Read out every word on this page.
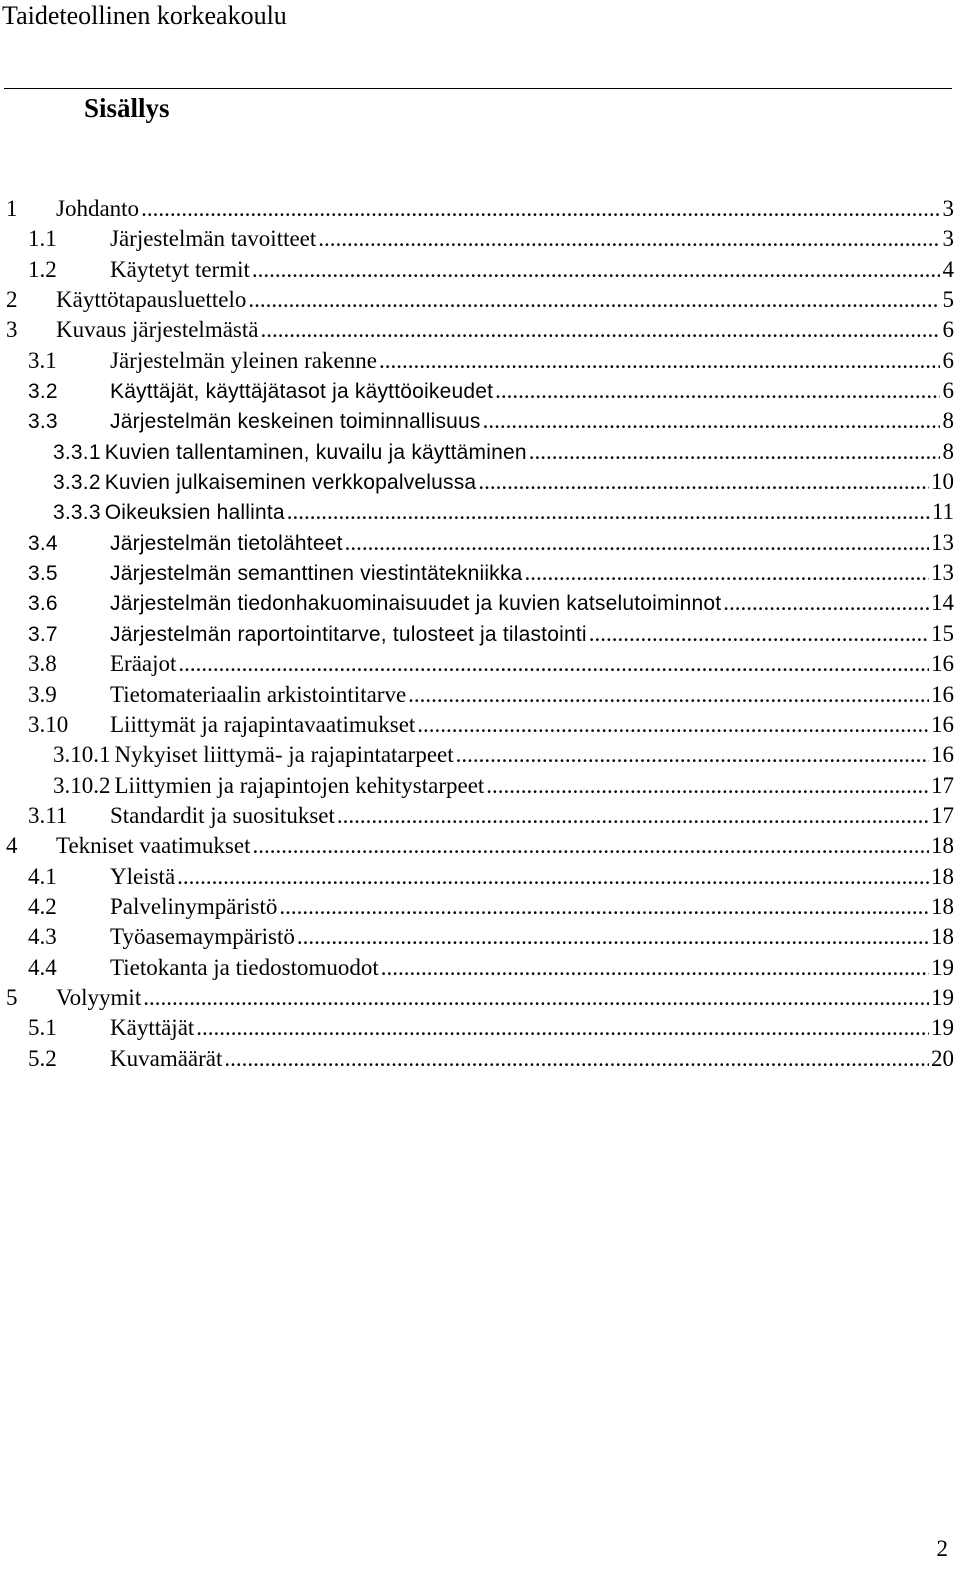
Taideteollinen korkeakoulu
Sisällys
1	Johdanto .....	3
1.1	Järjestelmän tavoitteet .....	3
1.2	Käytetyt termit .....	4
2	Käyttötapausluettelo .....	5
3	Kuvaus järjestelmästä .....	6
3.1	Järjestelmän yleinen rakenne .....	6
3.2	Käyttäjät, käyttäjätasot ja käyttöoikeudet .....	6
3.3	Järjestelmän keskeinen toiminnallisuus .....	8
3.3.1 Kuvien tallentaminen, kuvailu ja käyttäminen .....	8
3.3.2 Kuvien julkaiseminen verkkopalvelussa .....	10
3.3.3 Oikeuksien hallinta .....	11
3.4	Järjestelmän tietolähteet .....	13
3.5	Järjestelmän semanttinen viestintätekniikka .....	13
3.6	Järjestelmän tiedonhakuominaisuudet ja kuvien katselutoiminnot .....	14
3.7	Järjestelmän raportointitarve, tulosteet ja tilastointi .....	15
3.8	Eräajot .....	16
3.9	Tietomateriaalin arkistointitarve .....	16
3.10	Liittymät ja rajapintavaatimukset .....	16
3.10.1 Nykyiset liittymä- ja rajapintatarpeet .....	16
3.10.2 Liittymien ja rajapintojen kehitystarpeet .....	17
3.11	Standardit ja suositukset .....	17
4	Tekniset vaatimukset .....	18
4.1	Yleistä .....	18
4.2	Palvelinympäristö .....	18
4.3	Työasemaympäristö .....	18
4.4	Tietokanta ja tiedostomuodot .....	19
5	Volyymit .....	19
5.1	Käyttäjät .....	19
5.2	Kuvamäärät .....	20
2
